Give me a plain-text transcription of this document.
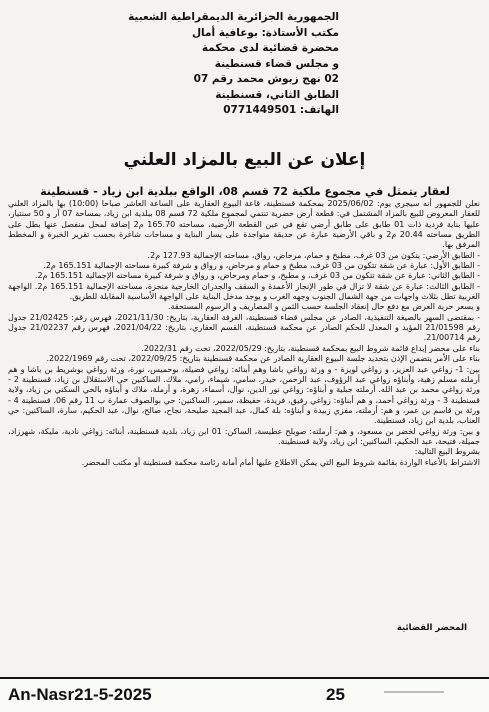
الجمهورية الجزائرية الديمقراطية الشعبية
مكتب الأستاذة: بوعافية أمال
محضرة قضائية لدى محكمة
و مجلس قضاء قسنطينة
02 نهج زبوش محمد رقم 07
الطابق الثاني، قسنطينة
الهاتف: 0771449501
إعلان عن البيع بالمزاد العلني
لعقار يتمثل في مجموع ملكية 72 قسم 08، الواقع ببلدية ابن زياد - قسنطينة

نعلن للجمهور أنه سيجري يوم: 2025/06/02 بمحكمة قسنطينة، قاعة البيوع العقارية على الساعة العاشر صباحا (10:00) بها بالمزاد العلني للعقار المعروض للبيع بالمزاد المشتمل في: قطعة أرض حضرية تنتمي لمجموع ملكية 72 قسم 08 ببلدية ابن زياد، بمساحة 07 آر و 50 سنتيار، عليها بناية فردية ذات 01 طابق على طابق أرضي تقع في عين القطعة الأرضية، مساحته 165.70 م2 إضافة لمحل منفصل عنها بطل على الطريق مساحته 20.44 م2 و باقي الأرضية عبارة عن حديقة متواجدة على يسار البناية و مساحات شاغرة بحسب تقرير الخبرة و المخطط المرفق بها.

- الطابق الأرضي: يتكون من 03 غرف، مطبخ و حمام، مرحاض، رواق، مساحته الإجمالية 127.93 م2.

- الطابق الأول: عبارة عن شقة تتكون من 03 غرف، مطبخ و حمام و مرحاض، و رواق و شرفة كبيرة مساحته الإجمالية 165.151 م2.

- الطابق الثاني: عبارة عن شقة تتكون من 03 غرف، و مطبخ، و حمام ومرحاض، و رواق و شرفة كبيرة مساحته الإجمالية 165.151 م2.

- الطابق الثالث: عبارة عن شقة لا تزال في طور الإنجاز الأعمدة و السقف والجدران الخارجية منجزة، مساحته الإجمالية 165.151 م2. الواجهة الغربية تطل بثلاث واجهات من جهة الشمال الجنوب وجهه الغرب و يوجد مدخل البناية على الواجهة الأساسية المقابلة للطريق.

و يسعر حرية العرض مع دفع حال إنعقاد الجلسة حسب الثمن و المصاريف و الرسوم المستحقة.

- بمقتضى السهر بالصيغة التنفيذية، الصادر عن مجلس قضاء قسنطينة، الغرفة العقارية، بتاريخ: 2021/11/30، فهرس رقم: 21/02425 جدول رقم 21/01598 المؤيد و المعدل للحكم الصادر عن محكمة قسنطينة، القسم العقاري، بتاريخ: 2021/04/22، فهرس رقم 21/02237 جدول رقم 21/00714.

بناء على محضر إيداع قائمة شروط البيع بمحكمة قسنطينة، بتاريخ: 2022/05/29، تحت رقم 2022/31.

بناء على الأمر يتضمن الإذن بتحديد جلسة البيوع العقارية الصادر عن محكمة قسنطينة بتاريخ: 2022/09/25، تحت رقم 2022/1969.

بين: 1- زواغي عبد العزيز، و زواغي لويزة - و ورثة زواغي باشا وهم أبنائه: زواغي فضيلة، بوحميس، نورة، ورثة زواغي بوشريط بن باشا و هم أرملته مسلم زهية، وأبناؤه زواغي عبد الرؤوف، عبد الرحمن، حيدر، سامي، شيماء، رامي، ملاك. الساكنين حي الاستقلال بن زياد، قسنطينة 2 - ورثة زواغي محمد بن عبد الله. أرملته جبلية و أبناؤه: زواغي نور الدين، نوال، أسماء، زهرة، و أرملة، ملاك و أبناؤه بالحي السكني بن زياد، ولاية قسنطينة 3 - ورثة زواغي أحمد، و هم أبناؤه: زواغي رفيق، فريدة، حفيظة، سمير، الساكنين: حي بوالصوف عمارة ب 11 رقم 06، قسنطينة 4 - ورثة بن قاسم بن عمر، و هم: أرملته، مفزي زبيدة و أبناؤه: بلة كمال، عبد المجيد صليحة، نجاح، صالح، نوال، عبد الحكيم، سارة، الساكنين: حي العناب، بلدية ابن زياد، قسنطينة.

و بين: ورثة زواغي لخضر بن مسعود، و هم: أرملته: صويلح عطيسة، الساكن: 01 ابن زياد، بلدية قسنطينة، أبنائه: زواغي نادية، مليكة، شهرزاد، جميلة، فتيحة، عبد الحكيم، الساكنين: ابن زياد، ولاية قسنطينة.

بشروط البيع التالية:

الاشتراط بالأعباء الواردة بقائمة شروط البيع التي يمكن الاطلاع عليها أمام أمانة رئاسة محكمة قسنطينة أو مكتب المحضر.

المحضر القضائية
An-Nasr21-5-2025	25
